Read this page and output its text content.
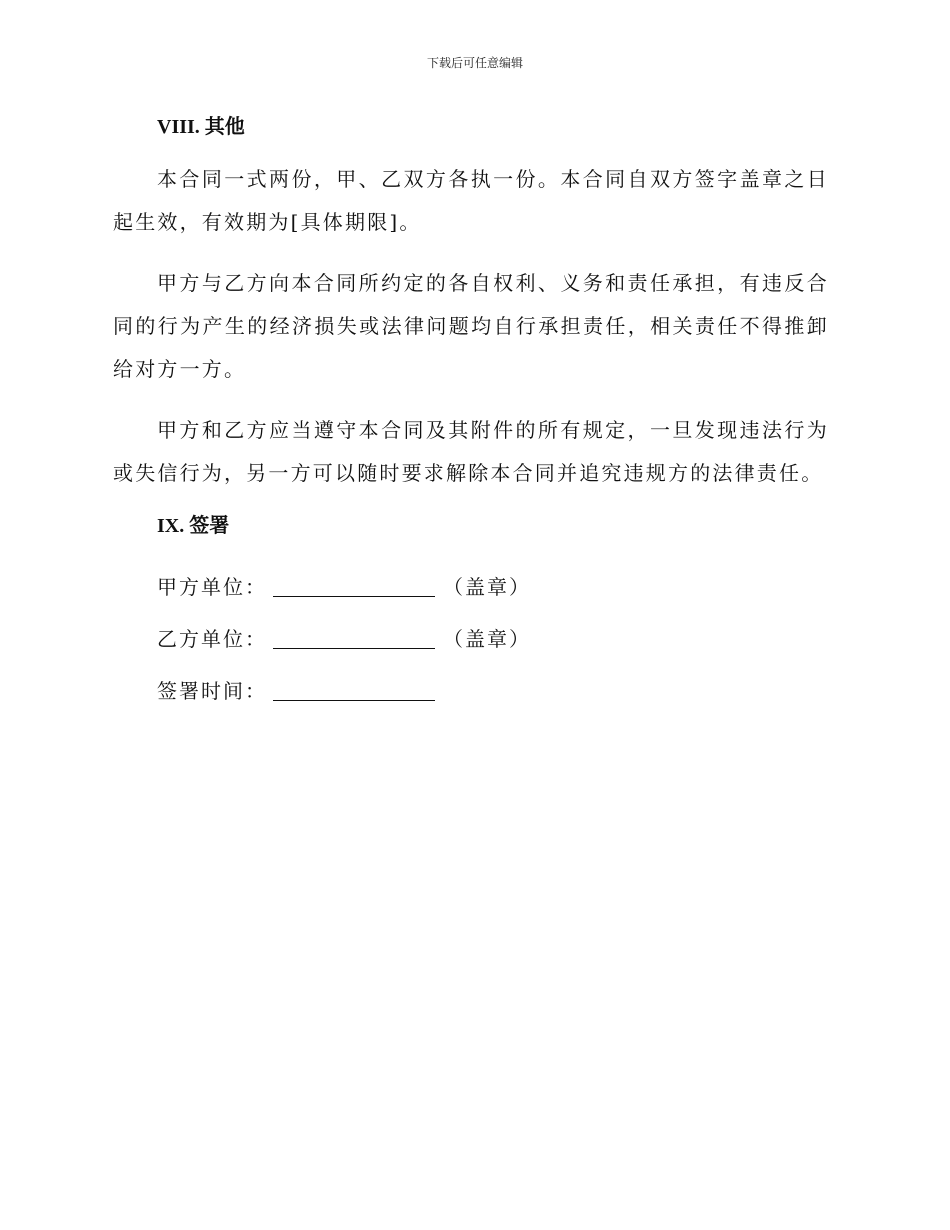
下载后可任意编辑
VIII. 其他

本合同一式两份，甲、乙双方各执一份。本合同自双方签字盖章之日起生效，有效期为[具体期限]。

甲方与乙方向本合同所约定的各自权利、义务和责任承担，有违反合同的行为产生的经济损失或法律问题均自行承担责任，相关责任不得推卸给对方一方。

甲方和乙方应当遵守本合同及其附件的所有规定，一旦发现违法行为或失信行为，另一方可以随时要求解除本合同并追究违规方的法律责任。

IX. 签署
甲方单位：	（盖章）
乙方单位：	（盖章）
签署时间：
